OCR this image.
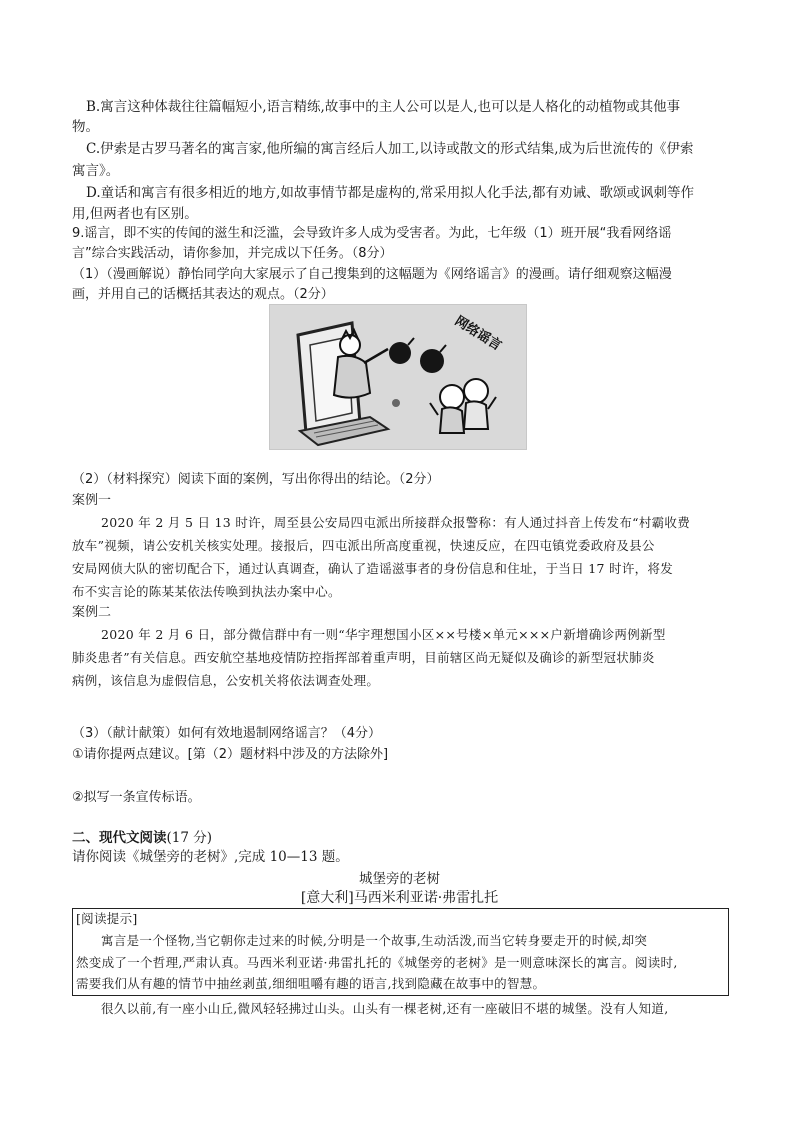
B.寓言这种体裁往往篇幅短小,语言精练,故事中的主人公可以是人,也可以是人格化的动植物或其他事
物。
C.伊索是古罗马著名的寓言家,他所编的寓言经后人加工,以诗或散文的形式结集,成为后世流传的《伊索
寓言》。
D.童话和寓言有很多相近的地方,如故事情节都是虚构的,常采用拟人化手法,都有劝诫、歌颂或讽刺等作
用,但两者也有区别。
9.谣言，即不实的传闻的滋生和泛滥，会导致许多人成为受害者。为此，七年级（1）班开展“我看网络谣
言”综合实践活动，请你参加，并完成以下任务。（8分）
（1）（漫画解说）静怡同学向大家展示了自己搜集到的这幅题为《网络谣言》的漫画。请仔细观察这幅漫
画，并用自己的话概括其表达的观点。（2分）
网络谣言
（2）（材料探究）阅读下面的案例，写出你得出的结论。（2分）
案例一
2020 年 2 月 5 日 13 时许，周至县公安局四屯派出所接群众报警称：有人通过抖音上传发布“村霸收费
放车”视频，请公安机关核实处理。接报后，四屯派出所高度重视，快速反应，在四屯镇党委政府及县公
安局网侦大队的密切配合下，通过认真调查，确认了造谣滋事者的身份信息和住址，于当日 17 时许，将发
布不实言论的陈某某依法传唤到执法办案中心。
案例二
2020 年 2 月 6 日，部分微信群中有一则“华宇理想国小区××号楼×单元×××户新增确诊两例新型
肺炎患者”有关信息。西安航空基地疫情防控指挥部着重声明，目前辖区尚无疑似及确诊的新型冠状肺炎
病例，该信息为虚假信息，公安机关将依法调查处理。
（3）（献计献策）如何有效地遏制网络谣言？（4分）
①请你提两点建议。[第（2）题材料中涉及的方法除外]
②拟写一条宣传标语。
二、现代文阅读(17 分)
请你阅读《城堡旁的老树》,完成 10—13 题。
城堡旁的老树
[意大利]马西米利亚诺·弗雷扎托
[阅读提示]
寓言是一个怪物,当它朝你走过来的时候,分明是一个故事,生动活泼,而当它转身要走开的时候,却突
然变成了一个哲理,严肃认真。马西米利亚诺·弗雷扎托的《城堡旁的老树》是一则意味深长的寓言。阅读时,
需要我们从有趣的情节中抽丝剥茧,细细咀嚼有趣的语言,找到隐藏在故事中的智慧。
很久以前,有一座小山丘,微风轻轻拂过山头。山头有一棵老树,还有一座破旧不堪的城堡。没有人知道,
